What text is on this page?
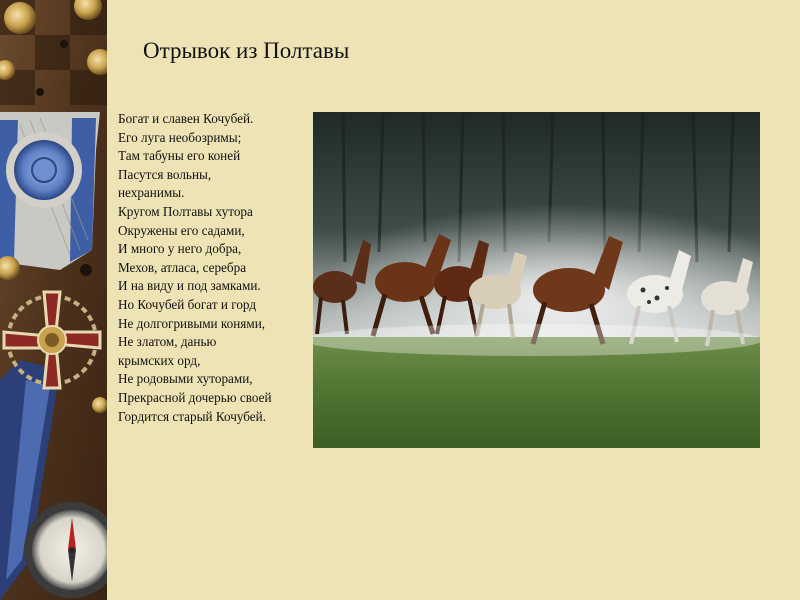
Отрывок из Полтавы
Богат и славен Кочубей.
Его луга необозримы;
Там табуны его коней
Пасутся вольны,
нехранимы.
Кругом Полтавы хутора
Окружены его садами,
И много у него добра,
Мехов, атласа, серебра
И на виду и под замками.
Но Кочубей богат и горд
Не долгогривыми конями,
Не златом, данью
крымских орд,
Не родовыми хуторами,
Прекрасной дочерью своей
Гордится старый Кочубей.
